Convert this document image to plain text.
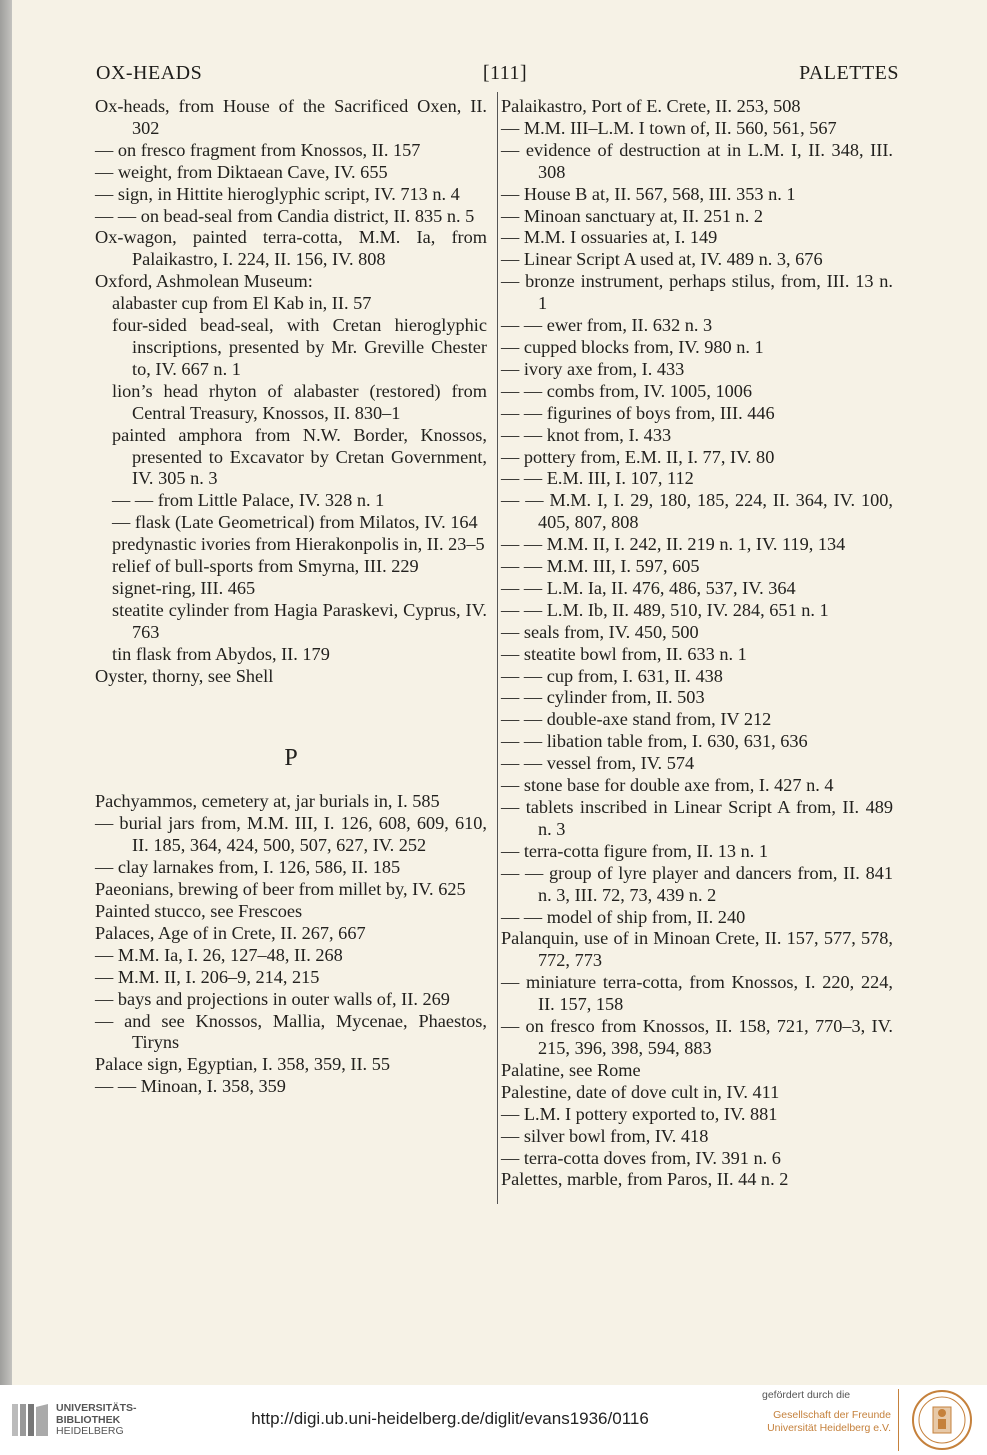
OX-HEADS	[111]	PALETTES
Ox-heads, from House of the Sacrificed Oxen, II. 302
— on fresco fragment from Knossos, II. 157
— weight, from Diktaean Cave, IV. 655
— sign, in Hittite hieroglyphic script, IV. 713 n. 4
— — on bead-seal from Candia district, II. 835 n. 5
Ox-wagon, painted terra-cotta, M.M. Ia, from Palaikastro, I. 224, II. 156, IV. 808
Oxford, Ashmolean Museum:
alabaster cup from El Kab in, II. 57
four-sided bead-seal, with Cretan hieroglyphic inscriptions, presented by Mr. Greville Chester to, IV. 667 n. 1
lion’s head rhyton of alabaster (restored) from Central Treasury, Knossos, II. 830–1
painted amphora from N.W. Border, Knossos, presented to Excavator by Cretan Government, IV. 305 n. 3
— — from Little Palace, IV. 328 n. 1
— flask (Late Geometrical) from Milatos, IV. 164
predynastic ivories from Hierakonpolis in, II. 23–5
relief of bull-sports from Smyrna, III. 229
signet-ring, III. 465
steatite cylinder from Hagia Paraskevi, Cyprus, IV. 763
tin flask from Abydos, II. 179
Oyster, thorny, see Shell
P
Pachyammos, cemetery at, jar burials in, I. 585
— burial jars from, M.M. III, I. 126, 608, 609, 610, II. 185, 364, 424, 500, 507, 627, IV. 252
— clay larnakes from, I. 126, 586, II. 185
Paeonians, brewing of beer from millet by, IV. 625
Painted stucco, see Frescoes
Palaces, Age of in Crete, II. 267, 667
— M.M. Ia, I. 26, 127–48, II. 268
— M.M. II, I. 206–9, 214, 215
— bays and projections in outer walls of, II. 269
— and see Knossos, Mallia, Mycenae, Phaestos, Tiryns
Palace sign, Egyptian, I. 358, 359, II. 55
— — Minoan, I. 358, 359
Palaikastro, Port of E. Crete, II. 253, 508
— M.M. III–L.M. I town of, II. 560, 561, 567
— evidence of destruction at in L.M. I, II. 348, III. 308
— House B at, II. 567, 568, III. 353 n. 1
— Minoan sanctuary at, II. 251 n. 2
— M.M. I ossuaries at, I. 149
— Linear Script A used at, IV. 489 n. 3, 676
— bronze instrument, perhaps stilus, from, III. 13 n. 1
— — ewer from, II. 632 n. 3
— cupped blocks from, IV. 980 n. 1
— ivory axe from, I. 433
— — combs from, IV. 1005, 1006
— — figurines of boys from, III. 446
— — knot from, I. 433
— pottery from, E.M. II, I. 77, IV. 80
— — E.M. III, I. 107, 112
— — M.M. I, I. 29, 180, 185, 224, II. 364, IV. 100, 405, 807, 808
— — M.M. II, I. 242, II. 219 n. 1, IV. 119, 134
— — M.M. III, I. 597, 605
— — L.M. Ia, II. 476, 486, 537, IV. 364
— — L.M. Ib, II. 489, 510, IV. 284, 651 n. 1
— seals from, IV. 450, 500
— steatite bowl from, II. 633 n. 1
— — cup from, I. 631, II. 438
— — cylinder from, II. 503
— — double-axe stand from, IV 212
— — libation table from, I. 630, 631, 636
— — vessel from, IV. 574
— stone base for double axe from, I. 427 n. 4
— tablets inscribed in Linear Script A from, II. 489 n. 3
— terra-cotta figure from, II. 13 n. 1
— — group of lyre player and dancers from, II. 841 n. 3, III. 72, 73, 439 n. 2
— — model of ship from, II. 240
Palanquin, use of in Minoan Crete, II. 157, 577, 578, 772, 773
— miniature terra-cotta, from Knossos, I. 220, 224, II. 157, 158
— on fresco from Knossos, II. 158, 721, 770–3, IV. 215, 396, 398, 594, 883
Palatine, see Rome
Palestine, date of dove cult in, IV. 411
— L.M. I pottery exported to, IV. 881
— silver bowl from, IV. 418
— terra-cotta doves from, IV. 391 n. 6
Palettes, marble, from Paros, II. 44 n. 2
UNIVERSITÄTS-
BIBLIOTHEK
HEIDELBERG
http://digi.ub.uni-heidelberg.de/diglit/evans1936/0116
gefördert durch die
Gesellschaft der Freunde
Universität Heidelberg e.V.
